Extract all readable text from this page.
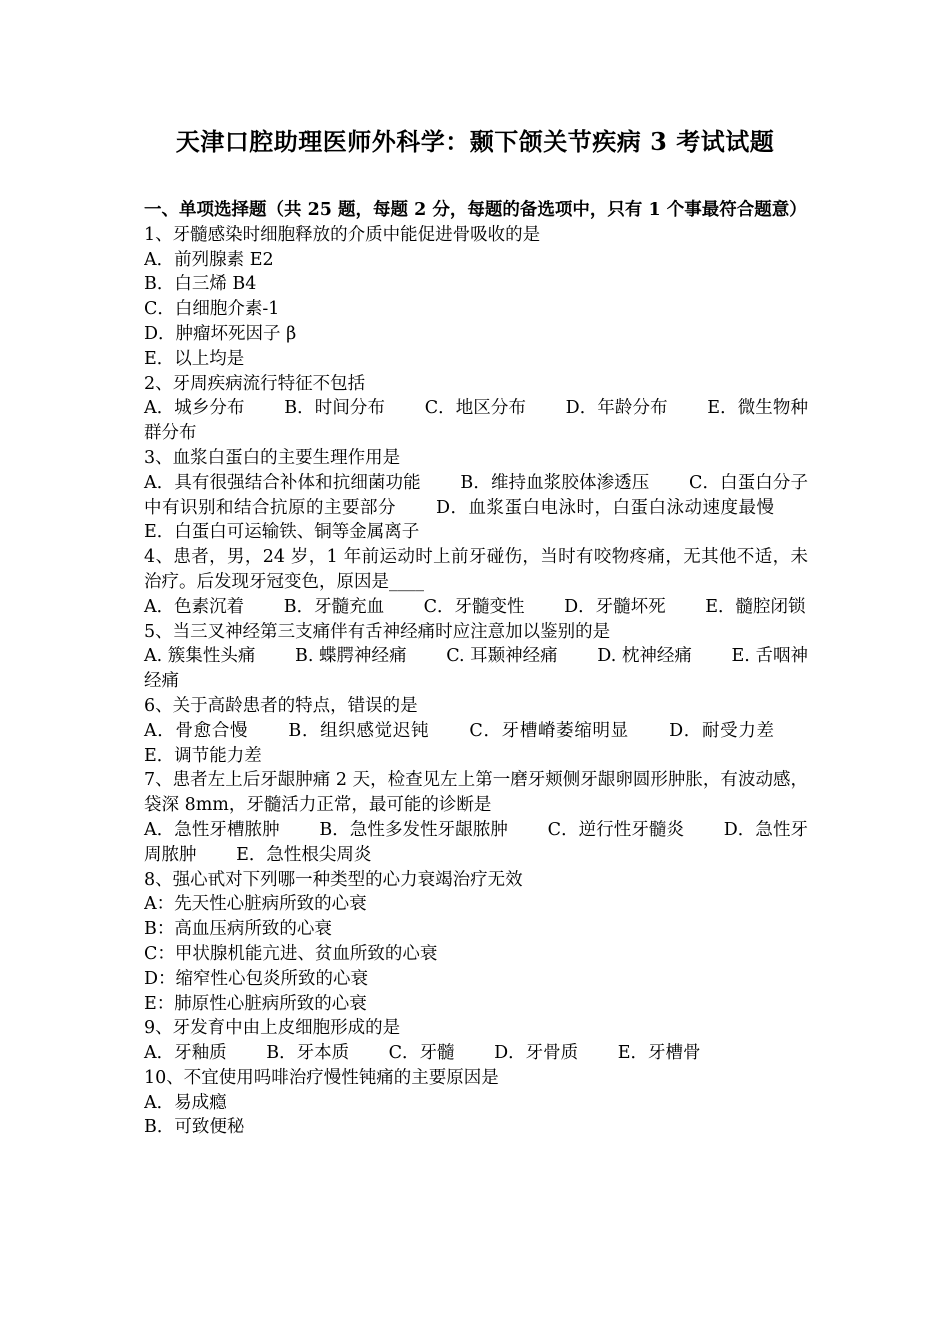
天津口腔助理医师外科学：颞下颌关节疾病 3 考试试题
一、单项选择题（共 25 题，每题 2 分，每题的备选项中，只有 1 个事最符合题意）
1、牙髓感染时细胞释放的介质中能促进骨吸收的是
A．前列腺素 E2
B．白三烯 B4
C．白细胞介素-1
D．肿瘤坏死因子 β
E．以上均是
2、牙周疾病流行特征不包括
A．城乡分布 B．时间分布 C．地区分布 D．年龄分布 E．微生物种群分布
3、血浆白蛋白的主要生理作用是
A．具有很强结合补体和抗细菌功能 B．维持血浆胶体渗透压 C．白蛋白分子中有识别和结合抗原的主要部分 D．血浆蛋白电泳时，白蛋白泳动速度最慢 E．白蛋白可运输铁、铜等金属离子
4、患者，男，24 岁，1 年前运动时上前牙碰伤，当时有咬物疼痛，无其他不适，未治疗。后发现牙冠变色，原因是____
A．色素沉着 B．牙髓充血 C．牙髓变性 D．牙髓坏死 E．髓腔闭锁
5、当三叉神经第三支痛伴有舌神经痛时应注意加以鉴别的是
A. 簇集性头痛 B. 蝶腭神经痛 C. 耳颞神经痛 D. 枕神经痛 E. 舌咽神经痛
6、关于高龄患者的特点，错误的是
A．骨愈合慢 B．组织感觉迟钝 C．牙槽嵴萎缩明显 D．耐受力差 E．调节能力差
7、患者左上后牙龈肿痛 2 天，检查见左上第一磨牙颊侧牙龈卵圆形肿胀，有波动感，袋深 8mm，牙髓活力正常，最可能的诊断是
A．急性牙槽脓肿 B．急性多发性牙龈脓肿 C．逆行性牙髓炎 D．急性牙周脓肿 E．急性根尖周炎
8、强心甙对下列哪一种类型的心力衰竭治疗无效
A：先天性心脏病所致的心衰
B：高血压病所致的心衰
C：甲状腺机能亢进、贫血所致的心衰
D：缩窄性心包炎所致的心衰
E：肺原性心脏病所致的心衰
9、牙发育中由上皮细胞形成的是
A．牙釉质 B．牙本质 C．牙髓 D．牙骨质 E．牙槽骨
10、不宜使用吗啡治疗慢性钝痛的主要原因是
A．易成瘾
B．可致便秘
